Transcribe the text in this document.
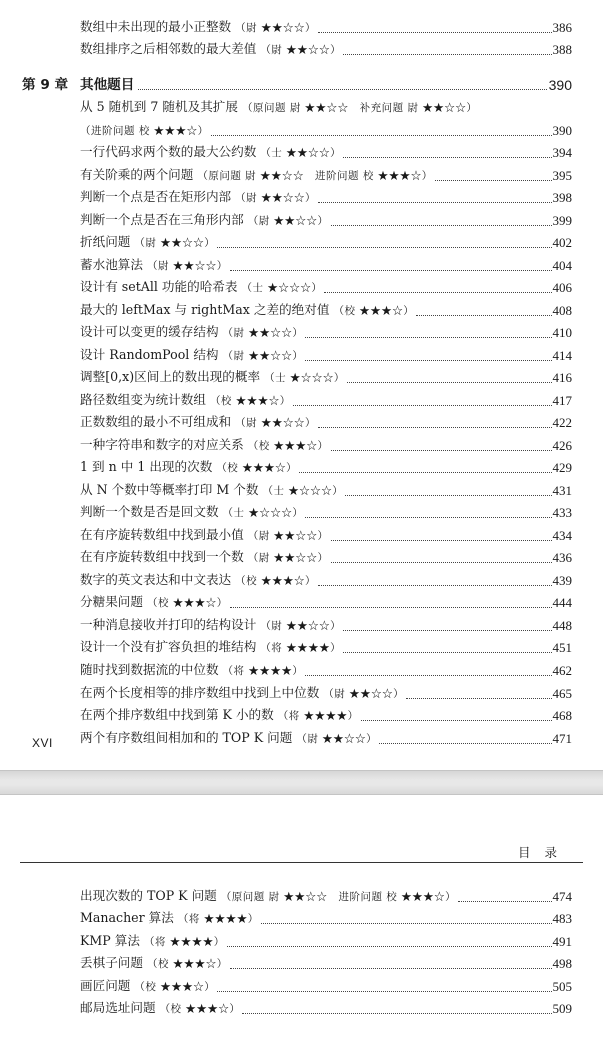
数组中未出现的最小正整数 （尉 ★★☆☆）	386
数组排序之后相邻数的最大差值 （尉 ★★☆☆）	388
第 9 章 其他题目	390
从 5 随机到 7 随机及其扩展 （原问题 尉 ★★☆☆　补充问题 尉 ★★☆☆）
（进阶问题 校 ★★★☆）	390
一行代码求两个数的最大公约数 （士 ★★☆☆）	394
有关阶乘的两个问题 （原问题 尉 ★★☆☆　进阶问题 校 ★★★☆）	395
判断一个点是否在矩形内部 （尉 ★★☆☆）	398
判断一个点是否在三角形内部 （尉 ★★☆☆）	399
折纸问题 （尉 ★★☆☆）	402
蓄水池算法 （尉 ★★☆☆）	404
设计有 setAll 功能的哈希表 （士 ★☆☆☆）	406
最大的 leftMax 与 rightMax 之差的绝对值 （校 ★★★☆）	408
设计可以变更的缓存结构 （尉 ★★☆☆）	410
设计 RandomPool 结构 （尉 ★★☆☆）	414
调整[0,x)区间上的数出现的概率 （士 ★☆☆☆）	416
路径数组变为统计数组 （校 ★★★☆）	417
正数数组的最小不可组成和 （尉 ★★☆☆）	422
一种字符串和数字的对应关系 （校 ★★★☆）	426
1 到 n 中 1 出现的次数 （校 ★★★☆）	429
从 N 个数中等概率打印 M 个数 （士 ★☆☆☆）	431
判断一个数是否是回文数 （士 ★☆☆☆）	433
在有序旋转数组中找到最小值 （尉 ★★☆☆）	434
在有序旋转数组中找到一个数 （尉 ★★☆☆）	436
数字的英文表达和中文表达 （校 ★★★☆）	439
分糖果问题 （校 ★★★☆）	444
一种消息接收并打印的结构设计 （尉 ★★☆☆）	448
设计一个没有扩容负担的堆结构 （将 ★★★★）	451
随时找到数据流的中位数 （将 ★★★★）	462
在两个长度相等的排序数组中找到上中位数 （尉 ★★☆☆）	465
在两个排序数组中找到第 K 小的数 （将 ★★★★）	468
两个有序数组间相加和的 TOP K 问题 （尉 ★★☆☆）	471
XVI
目录
出现次数的 TOP K 问题 （原问题 尉 ★★☆☆　进阶问题 校 ★★★☆）	474
Manacher 算法 （将 ★★★★）	483
KMP 算法 （将 ★★★★）	491
丢棋子问题 （校 ★★★☆）	498
画匠问题 （校 ★★★☆）	505
邮局选址问题 （校 ★★★☆）	509
